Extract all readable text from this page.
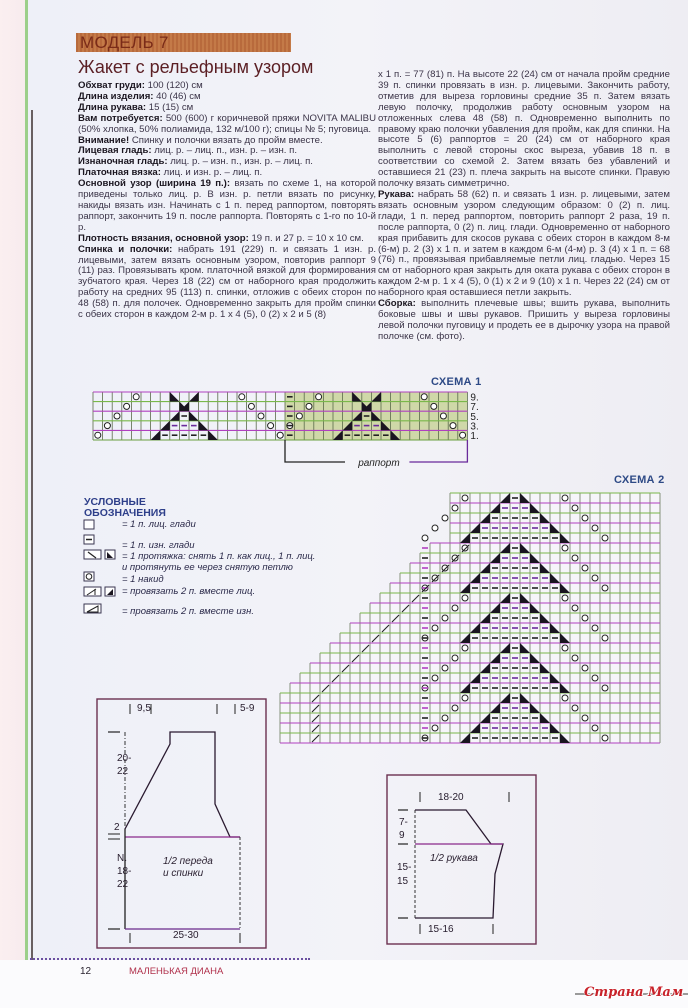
МОДЕЛЬ 7
Жакет с рельефным узором

Обхват груди: 100 (120) см

Длина изделия: 40 (46) см

Длина рукава: 15 (15) см

Вам потребуется: 500 (600) г коричневой пряжи NOVITA MALIBU (50% хлопка, 50% полиамида, 132 м/100 г); спицы № 5; пуговица.

Внимание! Спинку и полочки вязать до пройм вместе.

Лицевая гладь: лиц. р. – лиц. п., изн. р. – изн. п.

Изнаночная гладь: лиц. р. – изн. п., изн. р. – лиц. п.

Платочная вязка: лиц. и изн. р. – лиц. п.

Основной узор (ширина 19 п.): вязать по схеме 1, на которой приведены только лиц. р. В изн. р. петли вязать по рисунку, накиды вязать изн. Начинать с 1 п. перед раппортом, повторять раппорт, закончить 19 п. после раппорта. Повторять с 1-го по 10-й р.

Плотность вязания, основной узор: 19 п. и 27 р. = 10 х 10 см.

Спинка и полочки: набрать 191 (229) п. и связать 1 изн. р. лицевыми, затем вязать основным узором, повторив раппорт 9 (11) раз. Провязывать кром. платочной вязкой для формирования зубчатого края. Через 18 (22) см от наборного края продолжить работу на средних 95 (113) п. спинки, отложив с обеих сторон по 48 (58) п. для полочек. Одновременно закрыть для пройм спинки с обеих сторон в каждом 2-м р. 1 х 4 (5), 0 (2) х 2 и 5 (8)

х 1 п. = 77 (81) п. На высоте 22 (24) см от начала пройм средние 39 п. спинки провязать в изн. р. лицевыми. Закончить работу, отметив для выреза горловины средние 35 п. Затем вязать левую полочку, продолжив работу основным узором на отложенных слева 48 (58) п. Одновременно выполнить по правому краю полочки убавления для пройм, как для спинки. На высоте 5 (6) раппортов = 20 (24) см от наборного края выполнить с левой стороны скос выреза, убавив 18 п. в соответствии со схемой 2. Затем вязать без убавлений и оставшиеся 21 (23) п. плеча закрыть на высоте спинки. Правую полочку вязать симметрично.

Рукава: набрать 58 (62) п. и связать 1 изн. р. лицевыми, затем вязать основным узором следующим образом: 0 (2) п. лиц. глади, 1 п. перед раппортом, повторить раппорт 2 раза, 19 п. после раппорта, 0 (2) п. лиц. глади. Одновременно от наборного края прибавить для скосов рукава с обеих сторон в каждом 8-м (6-м) р. 2 (3) х 1 п. и затем в каждом 6-м (4-м) р. 3 (4) х 1 п. = 68 (76) п., провязывая прибавляемые петли лиц. гладью. Через 15 см от наборного края закрыть для оката рукава с обеих сторон в каждом 2-м р. 1 х 4 (5), 0 (1) х 2 и 9 (10) х 1 п. Через 22 (24) см от наборного края оставшиеся петли закрыть.

Сборка: выполнить плечевые швы; вшить рукава, выполнить боковые швы и швы рукавов. Пришить у выреза горловины левой полочки пуговицу и продеть ее в дырочку узора на правой полочке (см. фото).

СХЕМА 1
9.
7.
5.
3.
1.
раппорт
СХЕМА 2
УСЛОВНЫЕ
ОБОЗНАЧЕНИЯ
= 1 п. лиц. глади
= 1 п. изн. глади
= 1 протяжка: снять 1 п. как лиц., 1 п. лиц.
и протянуть ее через снятую петлю
= 1 накид
= провязать 2 п. вместе лиц.
= провязать 2 п. вместе изн.
9,5	5-9
20-
22
2
N.
18-
22
25-30
1/2 переда
и спинки
18-20
7-
9
15-
15
15-16
1/2 рукава
12	МАЛЕНЬКАЯ ДИАНА
Страна Мам
